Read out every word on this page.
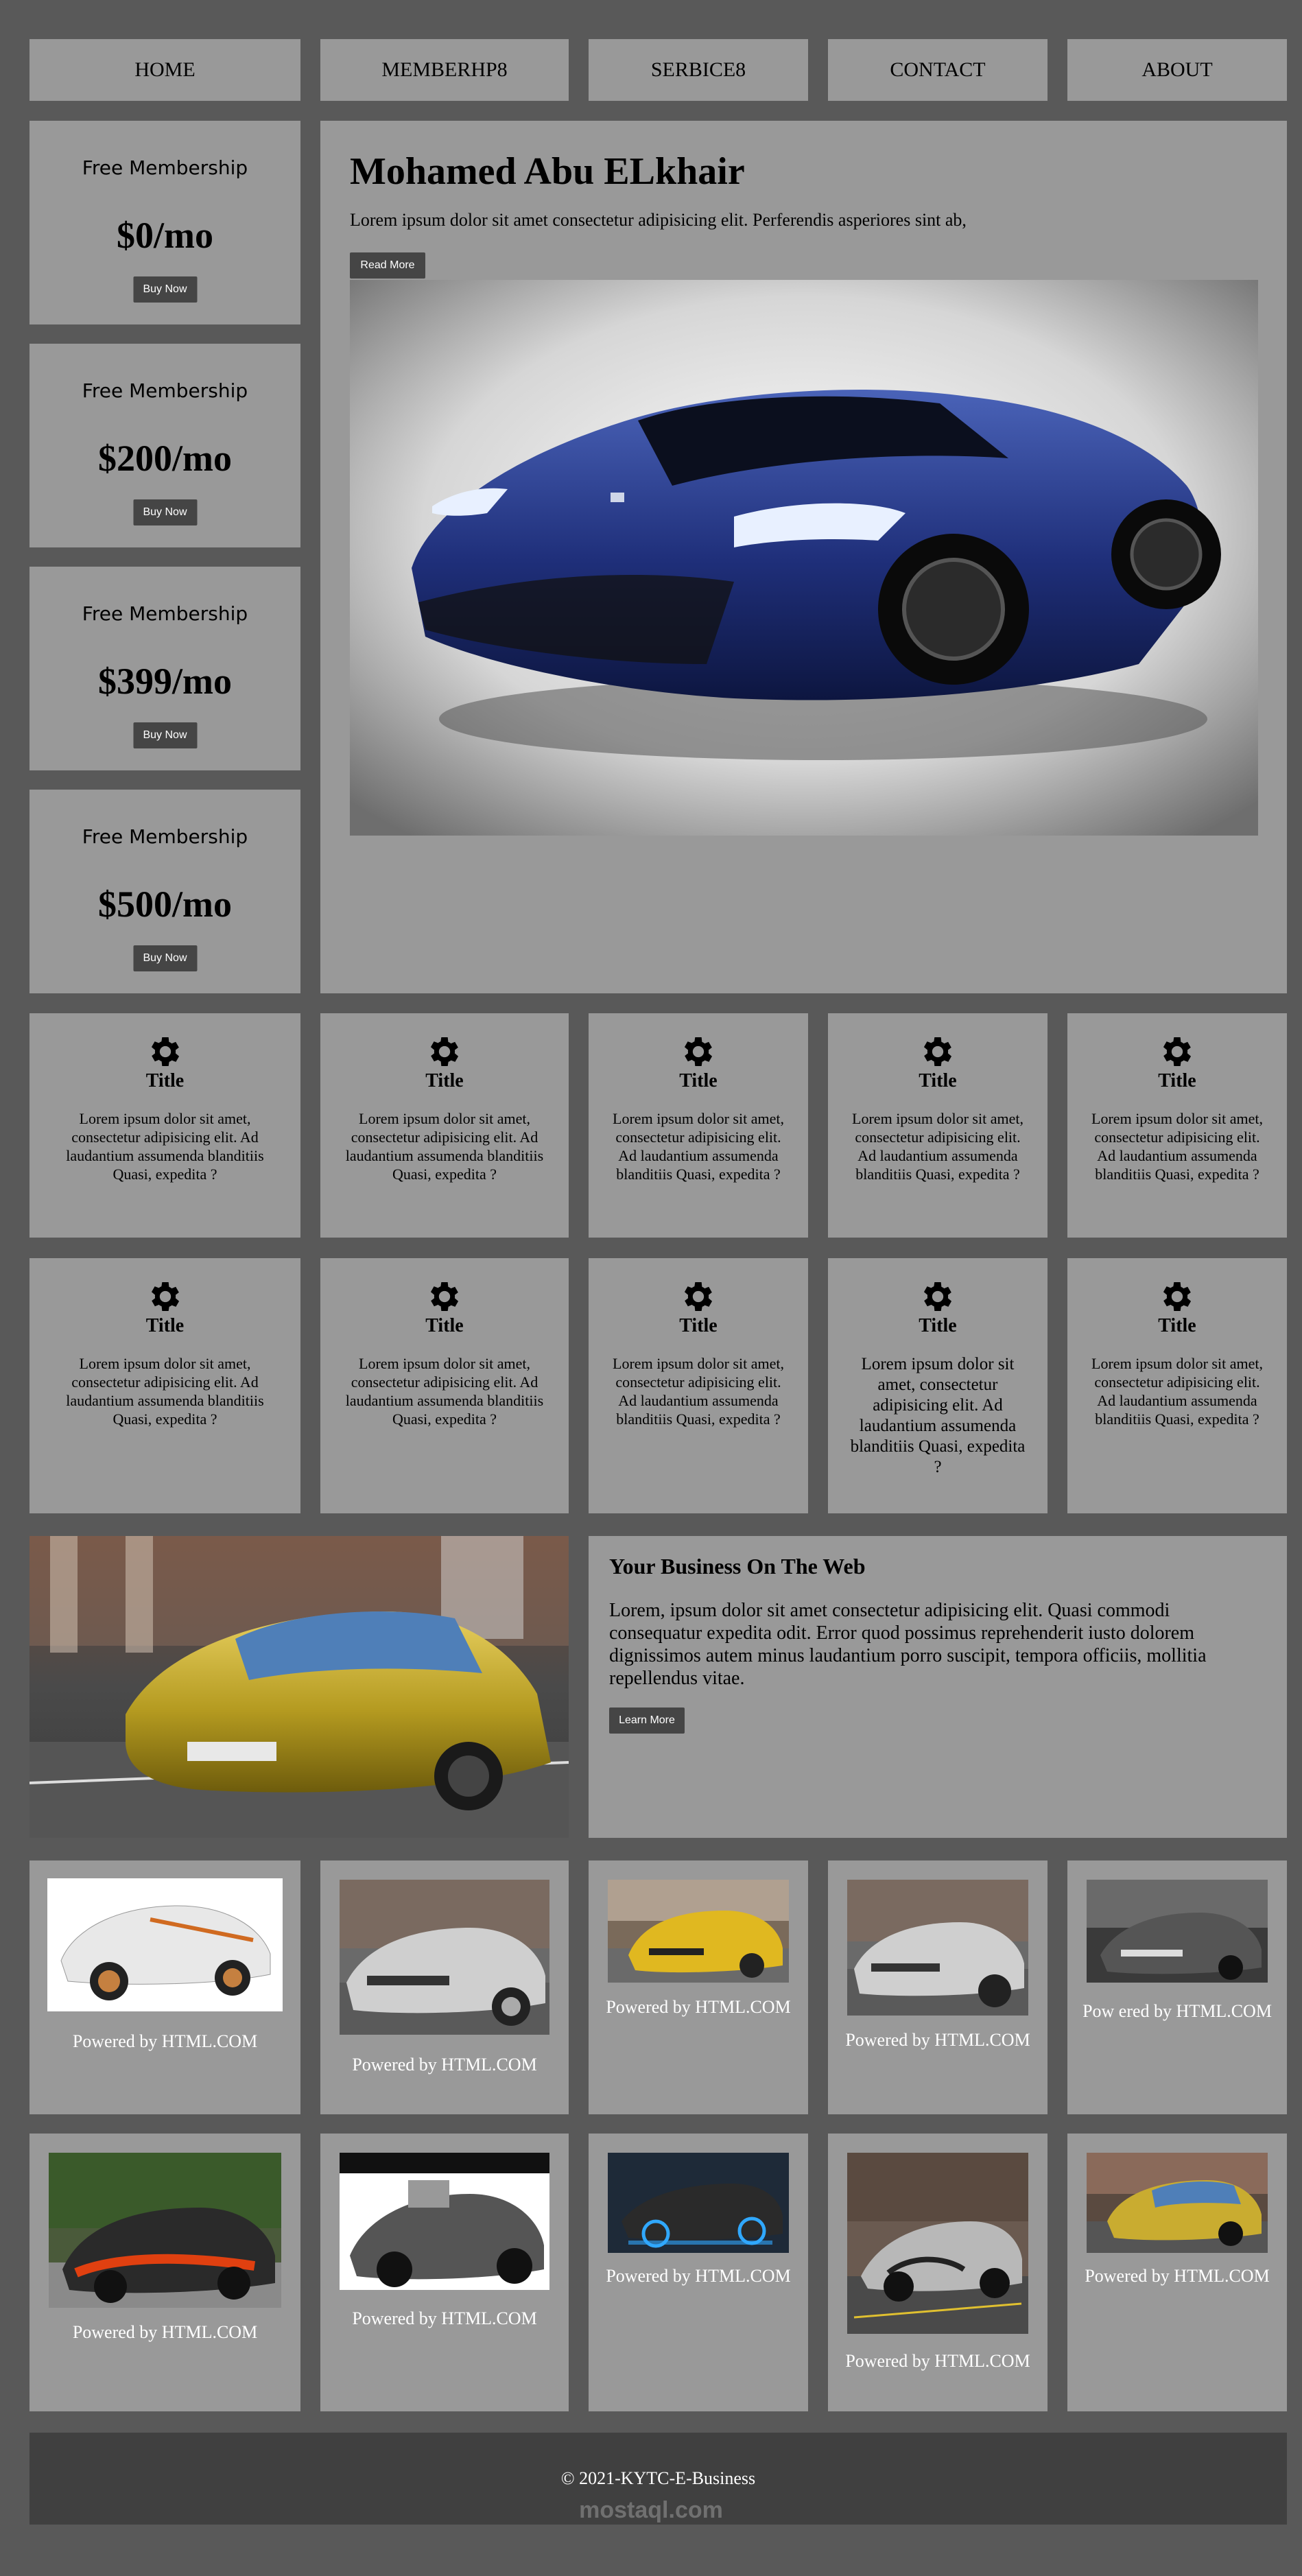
HOME	MEMBERHP8	SERBICE8	CONTACT	ABOUT
Free Membership
$0/mo
Buy Now
Free Membership
$200/mo
Buy Now
Free Membership
$399/mo
Buy Now
Free Membership
$500/mo
Buy Now
Mohamed Abu ELkhair
Lorem ipsum dolor sit amet consectetur adipisicing elit. Perferendis asperiores sint ab,
Read More
Title
Lorem ipsum dolor sit amet, consectetur adipisicing elit. Ad laudantium assumenda blanditiis Quasi, expedita ?
Title
Lorem ipsum dolor sit amet, consectetur adipisicing elit. Ad laudantium assumenda blanditiis Quasi, expedita ?
Title
Lorem ipsum dolor sit amet, consectetur adipisicing elit. Ad laudantium assumenda blanditiis Quasi, expedita ?
Title
Lorem ipsum dolor sit amet, consectetur adipisicing elit. Ad laudantium assumenda blanditiis Quasi, expedita ?
Title
Lorem ipsum dolor sit amet, consectetur adipisicing elit. Ad laudantium assumenda blanditiis Quasi, expedita ?
Title
Lorem ipsum dolor sit amet, consectetur adipisicing elit. Ad laudantium assumenda blanditiis Quasi, expedita ?
Title
Lorem ipsum dolor sit amet, consectetur adipisicing elit. Ad laudantium assumenda blanditiis Quasi, expedita ?
Title
Lorem ipsum dolor sit amet, consectetur adipisicing elit. Ad laudantium assumenda blanditiis Quasi, expedita ?
Title
Lorem ipsum dolor sit amet, consectetur adipisicing elit. Ad laudantium assumenda blanditiis Quasi, expedita ?
Title
Lorem ipsum dolor sit amet, consectetur adipisicing elit. Ad laudantium assumenda blanditiis Quasi, expedita ?
Your Business On The Web
Lorem, ipsum dolor sit amet consectetur adipisicing elit. Quasi commodi consequatur expedita odit. Error quod possimus reprehenderit iusto dolorem dignissimos autem minus laudantium porro suscipit, tempora officiis, mollitia repellendus vitae.
Learn More
Powered by HTML.COM
Powered by HTML.COM
Powered by HTML.COM
Powered by HTML.COM
Pow ered by HTML.COM
Powered by HTML.COM
Powered by HTML.COM
Powered by HTML.COM
Powered by HTML.COM
Powered by HTML.COM
© 2021-KYTC-E-Business
mostaql.com
